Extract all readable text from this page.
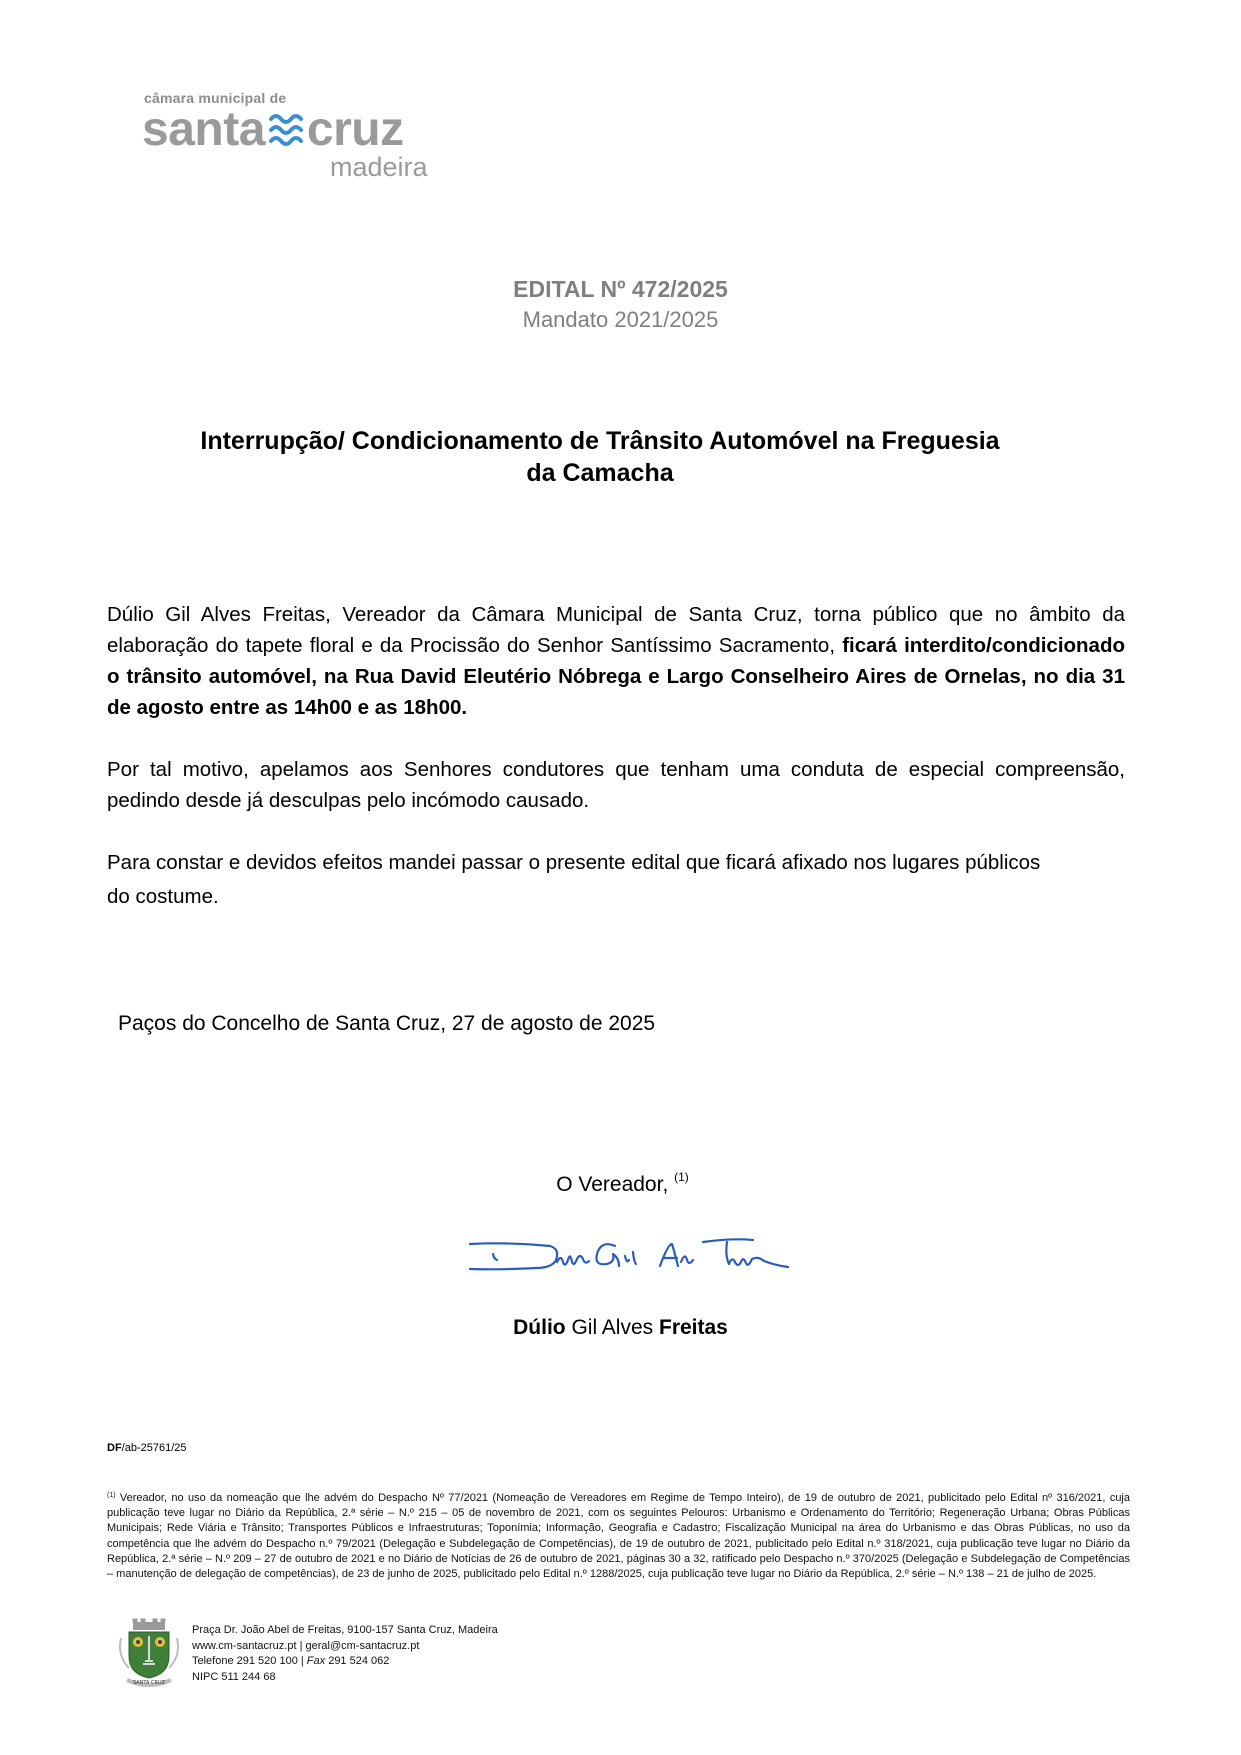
câmara municipal de
santa cruz
madeira
EDITAL Nº 472/2025
Mandato 2021/2025
Interrupção/ Condicionamento de Trânsito Automóvel na Freguesia
da Camacha
Dúlio Gil Alves Freitas, Vereador da Câmara Municipal de Santa Cruz, torna público que no âmbito da elaboração do tapete floral e da Procissão do Senhor Santíssimo Sacramento, ficará interdito/condicionado o trânsito automóvel, na Rua David Eleutério Nóbrega e Largo Conselheiro Aires de Ornelas, no dia 31 de agosto entre as 14h00 e as 18h00.
Por tal motivo, apelamos aos Senhores condutores que tenham uma conduta de especial compreensão, pedindo desde já desculpas pelo incómodo causado.
Para constar e devidos efeitos mandei passar o presente edital que ficará afixado nos lugares públicos
do costume.
Paços do Concelho de Santa Cruz, 27 de agosto de 2025
O Vereador, $^{(1)}$
Dúlio Gil Alves Freitas
DF/ab-25761/25
$^{(1)}$ Vereador, no uso da nomeação que lhe advém do Despacho Nº 77/2021 (Nomeação de Vereadores em Regime de Tempo Inteiro), de 19 de outubro de 2021, publicitado pelo Edital nº 316/2021, cuja publicação teve lugar no Diário da República, 2.ª série – N.º 215 – 05 de novembro de 2021, com os seguintes Pelouros: Urbanismo e Ordenamento do Território; Regeneração Urbana; Obras Públicas Municipais; Rede Viária e Trânsito; Transportes Públicos e Infraestruturas; Toponímia; Informação, Geografia e Cadastro; Fiscalização Municipal na área do Urbanismo e das Obras Públicas, no uso da competência que lhe advém do Despacho n.º 79/2021 (Delegação e Subdelegação de Competências), de 19 de outubro de 2021, publicitado pelo Edital n.º 318/2021, cuja publicação teve lugar no Diário da República, 2.ª série – N.º 209 – 27 de outubro de 2021 e no Diário de Notícias de 26 de outubro de 2021, páginas 30 a 32, ratificado pelo Despacho n.º 370/2025 (Delegação e Subdelegação de Competências – manutenção de delegação de competências), de 23 de junho de 2025, publicitado pelo Edital n.º 1288/2025, cuja publicação teve lugar no Diário da República, 2.º série – N.º 138 – 21 de julho de 2025.
SANTA CRUZ
Praça Dr. João Abel de Freitas, 9100-157 Santa Cruz, Madeira
www.cm-santacruz.pt | geral@cm-santacruz.pt
Telefone 291 520 100 | Fax 291 524 062
NIPC 511 244 68
